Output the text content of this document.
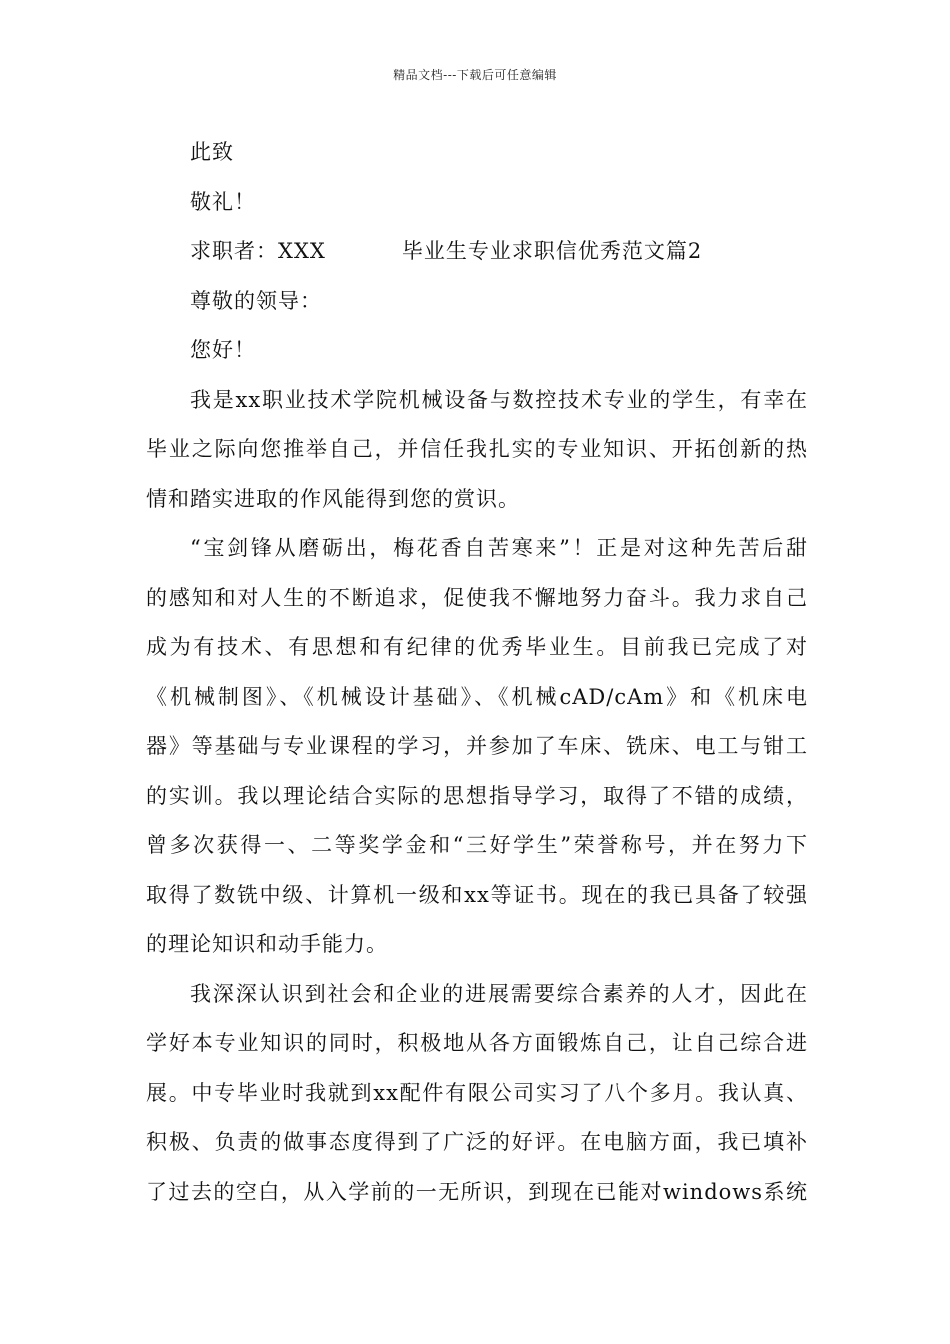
精品文档---下载后可任意编辑

此致

敬礼！

求职者：XXX	毕业生专业求职信优秀范文篇2

尊敬的领导：

您好！

我是xx职业技术学院机械设备与数控技术专业的学生，有幸在
毕业之际向您推举自己，并信任我扎实的专业知识、开拓创新的热
情和踏实进取的作风能得到您的赏识。
“宝剑锋从磨砺出，梅花香自苦寒来”！正是对这种先苦后甜
的感知和对人生的不断追求，促使我不懈地努力奋斗。我力求自己
成为有技术、有思想和有纪律的优秀毕业生。目前我已完成了对
《机械制图》、《机械设计基础》、《机械cAD/cAm》和《机床电
器》等基础与专业课程的学习，并参加了车床、铣床、电工与钳工
的实训。我以理论结合实际的思想指导学习，取得了不错的成绩，
曾多次获得一、二等奖学金和“三好学生”荣誉称号，并在努力下
取得了数铣中级、计算机一级和xx等证书。现在的我已具备了较强
的理论知识和动手能力。
我深深认识到社会和企业的进展需要综合素养的人才，因此在
学好本专业知识的同时，积极地从各方面锻炼自己，让自己综合进
展。中专毕业时我就到xx配件有限公司实习了八个多月。我认真、
积极、负责的做事态度得到了广泛的好评。在电脑方面，我已填补
了过去的空白，从入学前的一无所识，到现在已能对windows系统
